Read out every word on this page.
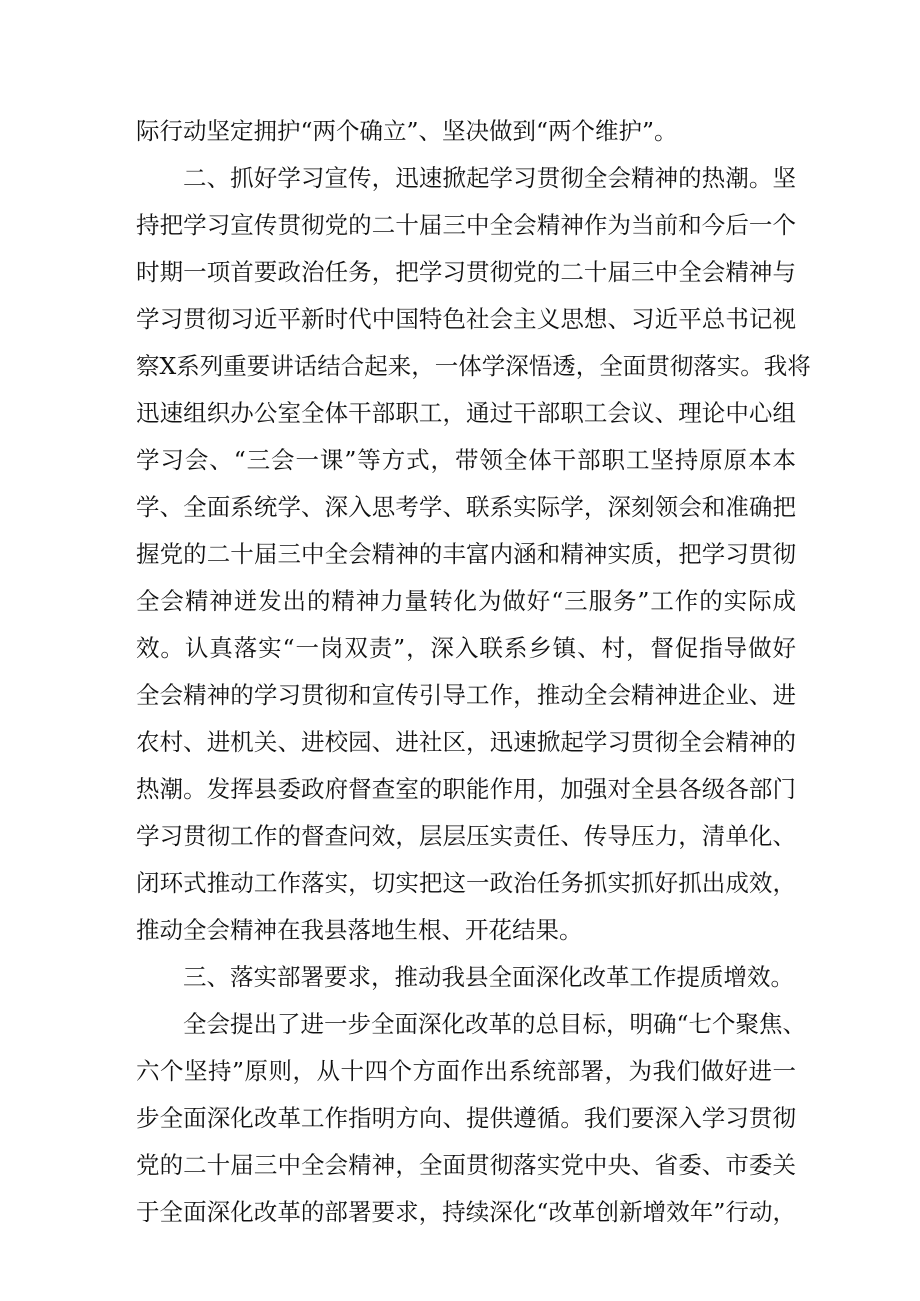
际行动坚定拥护“两个确立”、坚决做到“两个维护”。
二、抓好学习宣传，迅速掀起学习贯彻全会精神的热潮。坚
持把学习宣传贯彻党的二十届三中全会精神作为当前和今后一个
时期一项首要政治任务，把学习贯彻党的二十届三中全会精神与
学习贯彻习近平新时代中国特色社会主义思想、习近平总书记视
察X系列重要讲话结合起来，一体学深悟透，全面贯彻落实。我将
迅速组织办公室全体干部职工，通过干部职工会议、理论中心组
学习会、“三会一课”等方式，带领全体干部职工坚持原原本本
学、全面系统学、深入思考学、联系实际学，深刻领会和准确把
握党的二十届三中全会精神的丰富内涵和精神实质，把学习贯彻
全会精神迸发出的精神力量转化为做好“三服务”工作的实际成
效。认真落实“一岗双责”，深入联系乡镇、村，督促指导做好
全会精神的学习贯彻和宣传引导工作，推动全会精神进企业、进
农村、进机关、进校园、进社区，迅速掀起学习贯彻全会精神的
热潮。发挥县委政府督查室的职能作用，加强对全县各级各部门
学习贯彻工作的督查问效，层层压实责任、传导压力，清单化、
闭环式推动工作落实，切实把这一政治任务抓实抓好抓出成效，
推动全会精神在我县落地生根、开花结果。
三、落实部署要求，推动我县全面深化改革工作提质增效。
全会提出了进一步全面深化改革的总目标，明确“七个聚焦、
六个坚持”原则，从十四个方面作出系统部署，为我们做好进一
步全面深化改革工作指明方向、提供遵循。我们要深入学习贯彻
党的二十届三中全会精神，全面贯彻落实党中央、省委、市委关
于全面深化改革的部署要求，持续深化“改革创新增效年”行动，
